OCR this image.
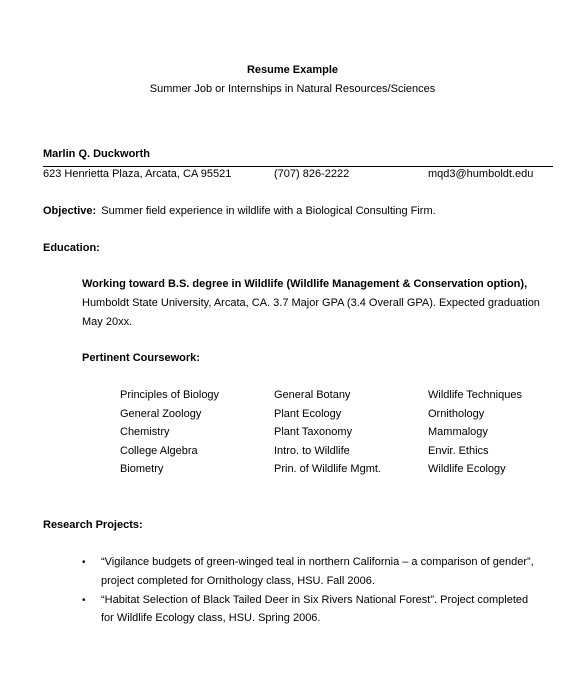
Resume Example
Summer Job or Internships in Natural Resources/Sciences
Marlin Q. Duckworth
623 Henrietta Plaza, Arcata, CA 95521	(707) 826-2222	mqd3@humboldt.edu
Objective: Summer field experience in wildlife with a Biological Consulting Firm.
Education:
Working toward B.S. degree in Wildlife (Wildlife Management & Conservation option),
Humboldt State University, Arcata, CA. 3.7 Major GPA (3.4 Overall GPA). Expected graduation
May 20xx.
Pertinent Coursework:
Principles of Biology
General Zoology
Chemistry
College Algebra
Biometry
General Botany
Plant Ecology
Plant Taxonomy
Intro. to Wildlife
Prin. of Wildlife Mgmt.
Wildlife Techniques
Ornithology
Mammalogy
Envir. Ethics
Wildlife Ecology
Research Projects:
• “Vigilance budgets of green-winged teal in northern California – a comparison of gender”,
project completed for Ornithology class, HSU. Fall 2006.
• “Habitat Selection of Black Tailed Deer in Six Rivers National Forest”. Project completed
for Wildlife Ecology class, HSU. Spring 2006.
